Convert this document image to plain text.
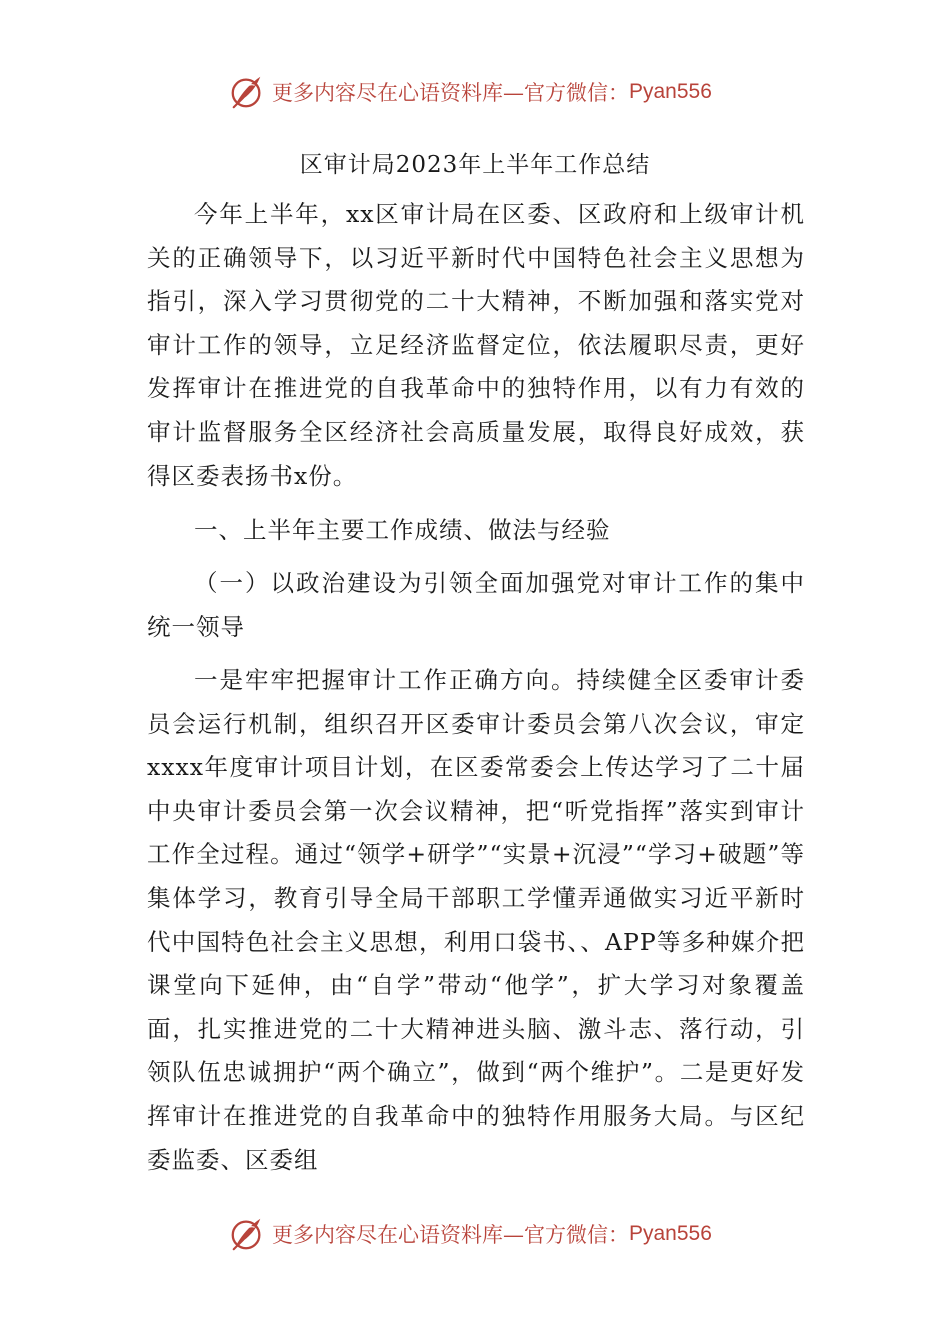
更多内容尽在心语资料库—官方微信： Pyan556
区审计局2023年上半年工作总结

今年上半年，xx区审计局在区委、区政府和上级审计机关的正确领导下，以习近平新时代中国特色社会主义思想为指引，深入学习贯彻党的二十大精神，不断加强和落实党对审计工作的领导，立足经济监督定位，依法履职尽责，更好发挥审计在推进党的自我革命中的独特作用，以有力有效的审计监督服务全区经济社会高质量发展，取得良好成效，获得区委表扬书x份。

一、上半年主要工作成绩、做法与经验

（一）以政治建设为引领全面加强党对审计工作的集中统一领导

一是牢牢把握审计工作正确方向。持续健全区委审计委员会运行机制，组织召开区委审计委员会第八次会议，审定xxxx年度审计项目计划，在区委常委会上传达学习了二十届中央审计委员会第一次会议精神，把“听党指挥”落实到审计工作全过程。通过“领学+研学”“实景+沉浸”“学习+破题”等集体学习，教育引导全局干部职工学懂弄通做实习近平新时代中国特色社会主义思想，利用口袋书、、APP等多种媒介把课堂向下延伸，由“自学”带动“他学”，扩大学习对象覆盖面，扎实推进党的二十大精神进头脑、激斗志、落行动，引领队伍忠诚拥护“两个确立”，做到“两个维护”。二是更好发挥审计在推进党的自我革命中的独特作用服务大局。与区纪委监委、区委组

更多内容尽在心语资料库—官方微信： Pyan556
